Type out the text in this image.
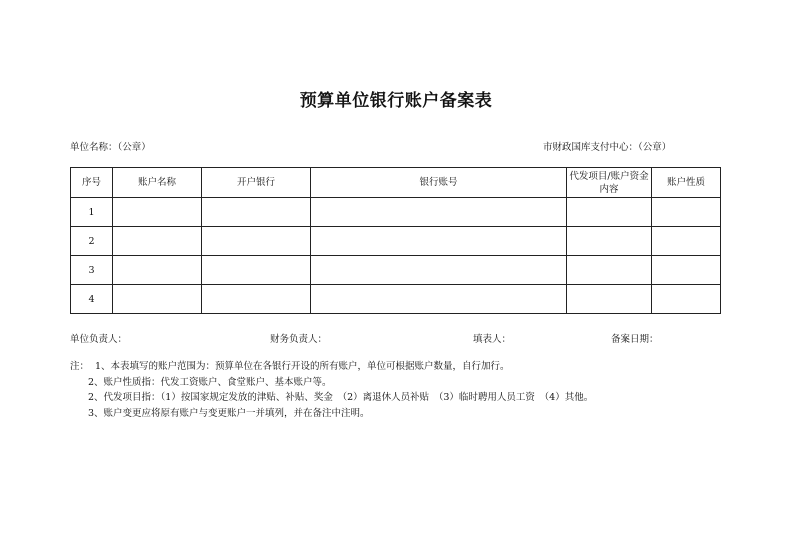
预算单位银行账户备案表
单位名称：（公章）	市财政国库支付中心：（公章）
序号	账户名称	开户银行	银行账号	代发项目/账户资金内容	账户性质
1					
2					
3					
4					
单位负责人：	财务负责人：	填表人：	备案日期：
注： 1、本表填写的账户范围为：预算单位在各银行开设的所有账户，单位可根据账户数量，自行加行。
2、账户性质指：代发工资账户、食堂账户、基本账户等。
2、代发项目指：（1）按国家规定发放的津贴、补贴、奖金　（2）离退休人员补贴　（3）临时聘用人员工资　（4）其他。
3、账户变更应将原有账户与变更账户一并填列，并在备注中注明。
